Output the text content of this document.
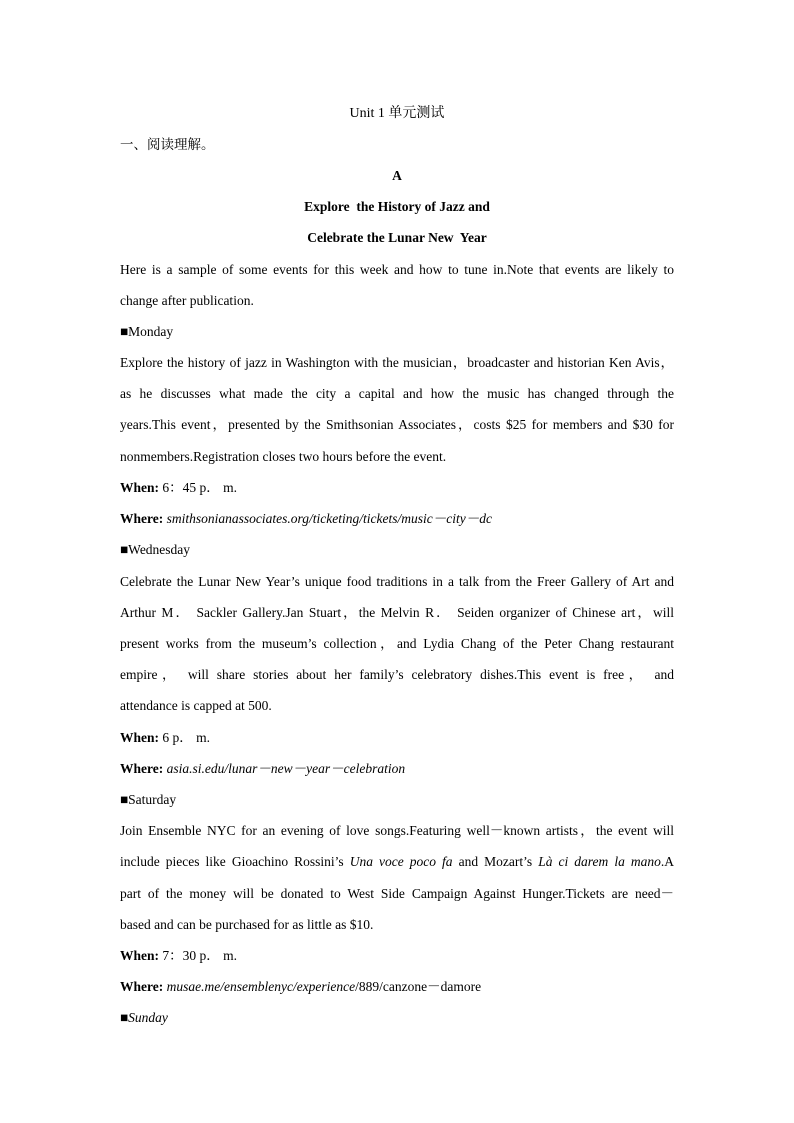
Unit 1 单元测试
一、阅读理解。
A
Explore  the History of Jazz and
Celebrate the Lunar New  Year
Here is a sample of some events for this week and how to tune in.Note that events are likely to
change after publication.
■Monday
Explore the history of jazz in Washington with the musician，broadcaster and historian Ken Avis，
as he discusses what made the city a capital and how the music has changed through the
years.This event，presented by the Smithsonian Associates，costs $25 for members and $30 for
nonmembers.Registration closes two hours before the event.
When: 6：45 p． m.
Where: smithsonianassociates.org/ticketing/tickets/music－city－dc
■Wednesday
Celebrate the Lunar New Year’s unique food traditions in a talk from the Freer Gallery of Art and
Arthur M． Sackler Gallery.Jan Stuart，the Melvin R． Seiden organizer of Chinese art，will
present works from the museum’s collection，and Lydia Chang of the Peter Chang restaurant
empire， will share stories about her family’s celebratory dishes.This event is free， and
attendance is capped at 500.
When: 6 p． m.
Where: asia.si.edu/lunar－new－year－celebration
■Saturday
Join Ensemble NYC for an evening of love songs.Featuring well－known artists，the event will
include pieces like Gioachino Rossini’s Una voce poco fa and Mozart’s Là ci darem la mano.A
part of the money will be donated to West Side Campaign Against Hunger.Tickets are need－
based and can be purchased for as little as $10.
When: 7：30 p． m.
Where: musae.me/ensemblenyc/experience/889/canzone－damore
■Sunday
